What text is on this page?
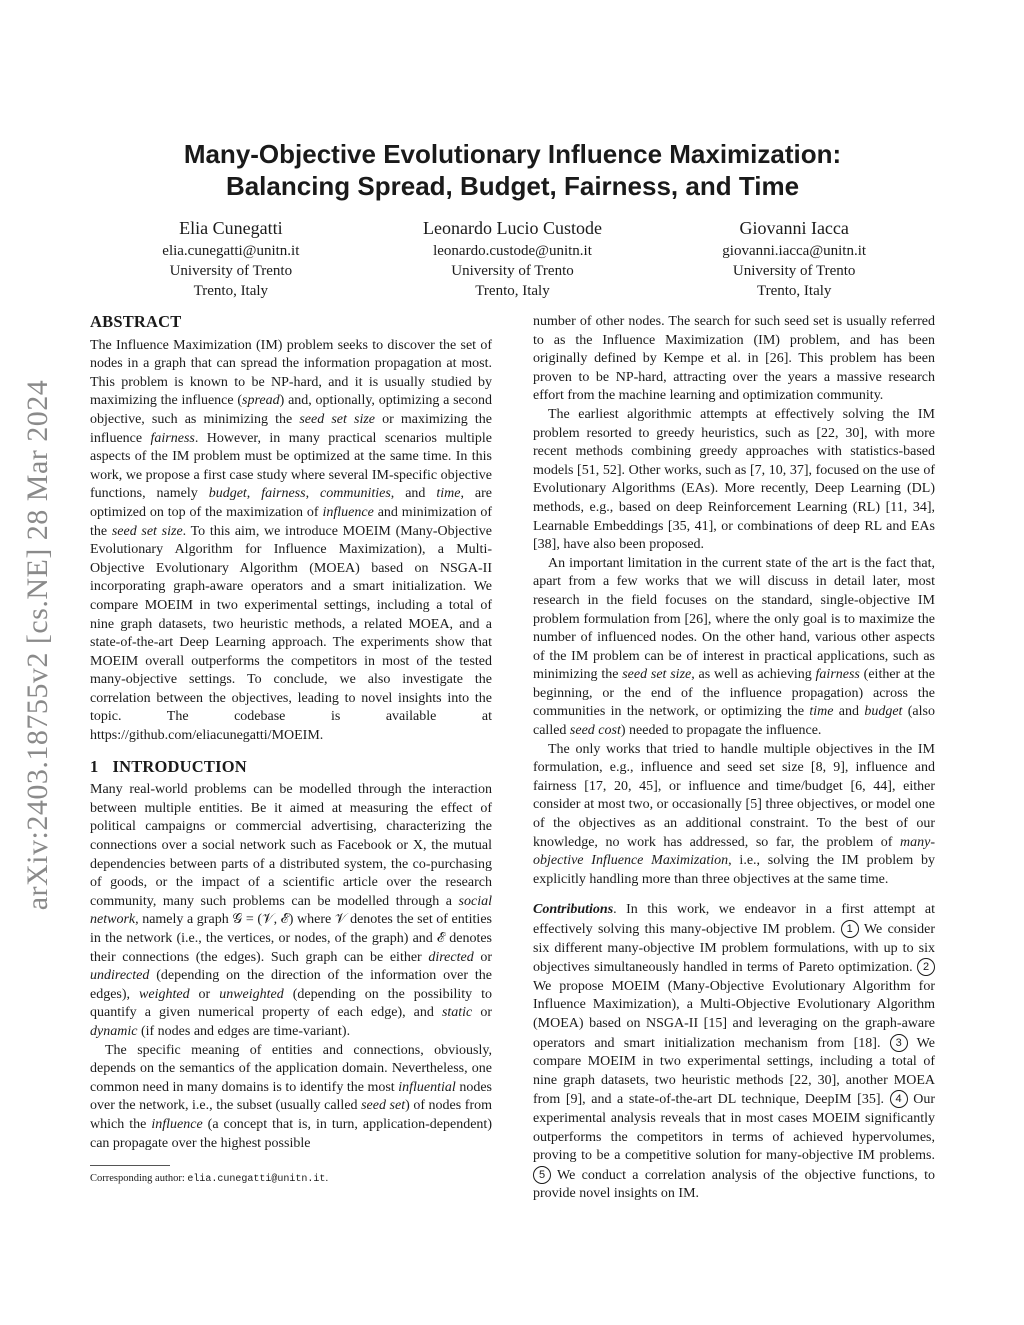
arXiv:2403.18755v2 [cs.NE] 28 Mar 2024
Many-Objective Evolutionary Influence Maximization:
Balancing Spread, Budget, Fairness, and Time
Elia Cunegatti
elia.cunegatti@unitn.it
University of Trento
Trento, Italy
Leonardo Lucio Custode
leonardo.custode@unitn.it
University of Trento
Trento, Italy
Giovanni Iacca
giovanni.iacca@unitn.it
University of Trento
Trento, Italy
ABSTRACT

The Influence Maximization (IM) problem seeks to discover the set of nodes in a graph that can spread the information propagation at most. This problem is known to be NP-hard, and it is usually studied by maximizing the influence (spread) and, optionally, optimizing a second objective, such as minimizing the seed set size or maximizing the influence fairness. However, in many practical scenarios multiple aspects of the IM problem must be optimized at the same time. In this work, we propose a first case study where several IM-specific objective functions, namely budget, fairness, communities, and time, are optimized on top of the maximization of influence and minimization of the seed set size. To this aim, we introduce MOEIM (Many-Objective Evolutionary Algorithm for Influence Maximization), a Multi-Objective Evolutionary Algorithm (MOEA) based on NSGA-II incorporating graph-aware operators and a smart initialization. We compare MOEIM in two experimental settings, including a total of nine graph datasets, two heuristic methods, a related MOEA, and a state-of-the-art Deep Learning approach. The experiments show that MOEIM overall outperforms the competitors in most of the tested many-objective settings. To conclude, we also investigate the correlation between the objectives, leading to novel insights into the topic. The codebase is available at https://github.com/eliacunegatti/MOEIM.

1 INTRODUCTION

Many real-world problems can be modelled through the interaction between multiple entities. Be it aimed at measuring the effect of political campaigns or commercial advertising, characterizing the connections over a social network such as Facebook or X, the mutual dependencies between parts of a distributed system, the co-purchasing of goods, or the impact of a scientific article over the research community, many such problems can be modelled through a social network, namely a graph 𝒢 = (𝒱, ℰ) where 𝒱 denotes the set of entities in the network (i.e., the vertices, or nodes, of the graph) and ℰ denotes their connections (the edges). Such graph can be either directed or undirected (depending on the direction of the information over the edges), weighted or unweighted (depending on the possibility to quantify a given numerical property of each edge), and static or dynamic (if nodes and edges are time-variant).

The specific meaning of entities and connections, obviously, depends on the semantics of the application domain. Nevertheless, one common need in many domains is to identify the most influential nodes over the network, i.e., the subset (usually called seed set) of nodes from which the influence (a concept that is, in turn, application-dependent) can propagate over the highest possible

Corresponding author: elia.cunegatti@unitn.it.

number of other nodes. The search for such seed set is usually referred to as the Influence Maximization (IM) problem, and has been originally defined by Kempe et al. in [26]. This problem has been proven to be NP-hard, attracting over the years a massive research effort from the machine learning and optimization community.

The earliest algorithmic attempts at effectively solving the IM problem resorted to greedy heuristics, such as [22, 30], with more recent methods combining greedy approaches with statistics-based models [51, 52]. Other works, such as [7, 10, 37], focused on the use of Evolutionary Algorithms (EAs). More recently, Deep Learning (DL) methods, e.g., based on deep Reinforcement Learning (RL) [11, 34], Learnable Embeddings [35, 41], or combinations of deep RL and EAs [38], have also been proposed.

An important limitation in the current state of the art is the fact that, apart from a few works that we will discuss in detail later, most research in the field focuses on the standard, single-objective IM problem formulation from [26], where the only goal is to maximize the number of influenced nodes. On the other hand, various other aspects of the IM problem can be of interest in practical applications, such as minimizing the seed set size, as well as achieving fairness (either at the beginning, or the end of the influence propagation) across the communities in the network, or optimizing the time and budget (also called seed cost) needed to propagate the influence.

The only works that tried to handle multiple objectives in the IM formulation, e.g., influence and seed set size [8, 9], influence and fairness [17, 20, 45], or influence and time/budget [6, 44], either consider at most two, or occasionally [5] three objectives, or model one of the objectives as an additional constraint. To the best of our knowledge, no work has addressed, so far, the problem of many-objective Influence Maximization, i.e., solving the IM problem by explicitly handling more than three objectives at the same time.

Contributions. In this work, we endeavor in a first attempt at effectively solving this many-objective IM problem. 1 We consider six different many-objective IM problem formulations, with up to six objectives simultaneously handled in terms of Pareto optimization. 2 We propose MOEIM (Many-Objective Evolutionary Algorithm for Influence Maximization), a Multi-Objective Evolutionary Algorithm (MOEA) based on NSGA-II [15] and leveraging on the graph-aware operators and smart initialization mechanism from [18]. 3 We compare MOEIM in two experimental settings, including a total of nine graph datasets, two heuristic methods [22, 30], another MOEA from [9], and a state-of-the-art DL technique, DeepIM [35]. 4 Our experimental analysis reveals that in most cases MOEIM significantly outperforms the competitors in terms of achieved hypervolumes, proving to be a competitive solution for many-objective IM problems. 5 We conduct a correlation analysis of the objective functions, to provide novel insights on IM.
